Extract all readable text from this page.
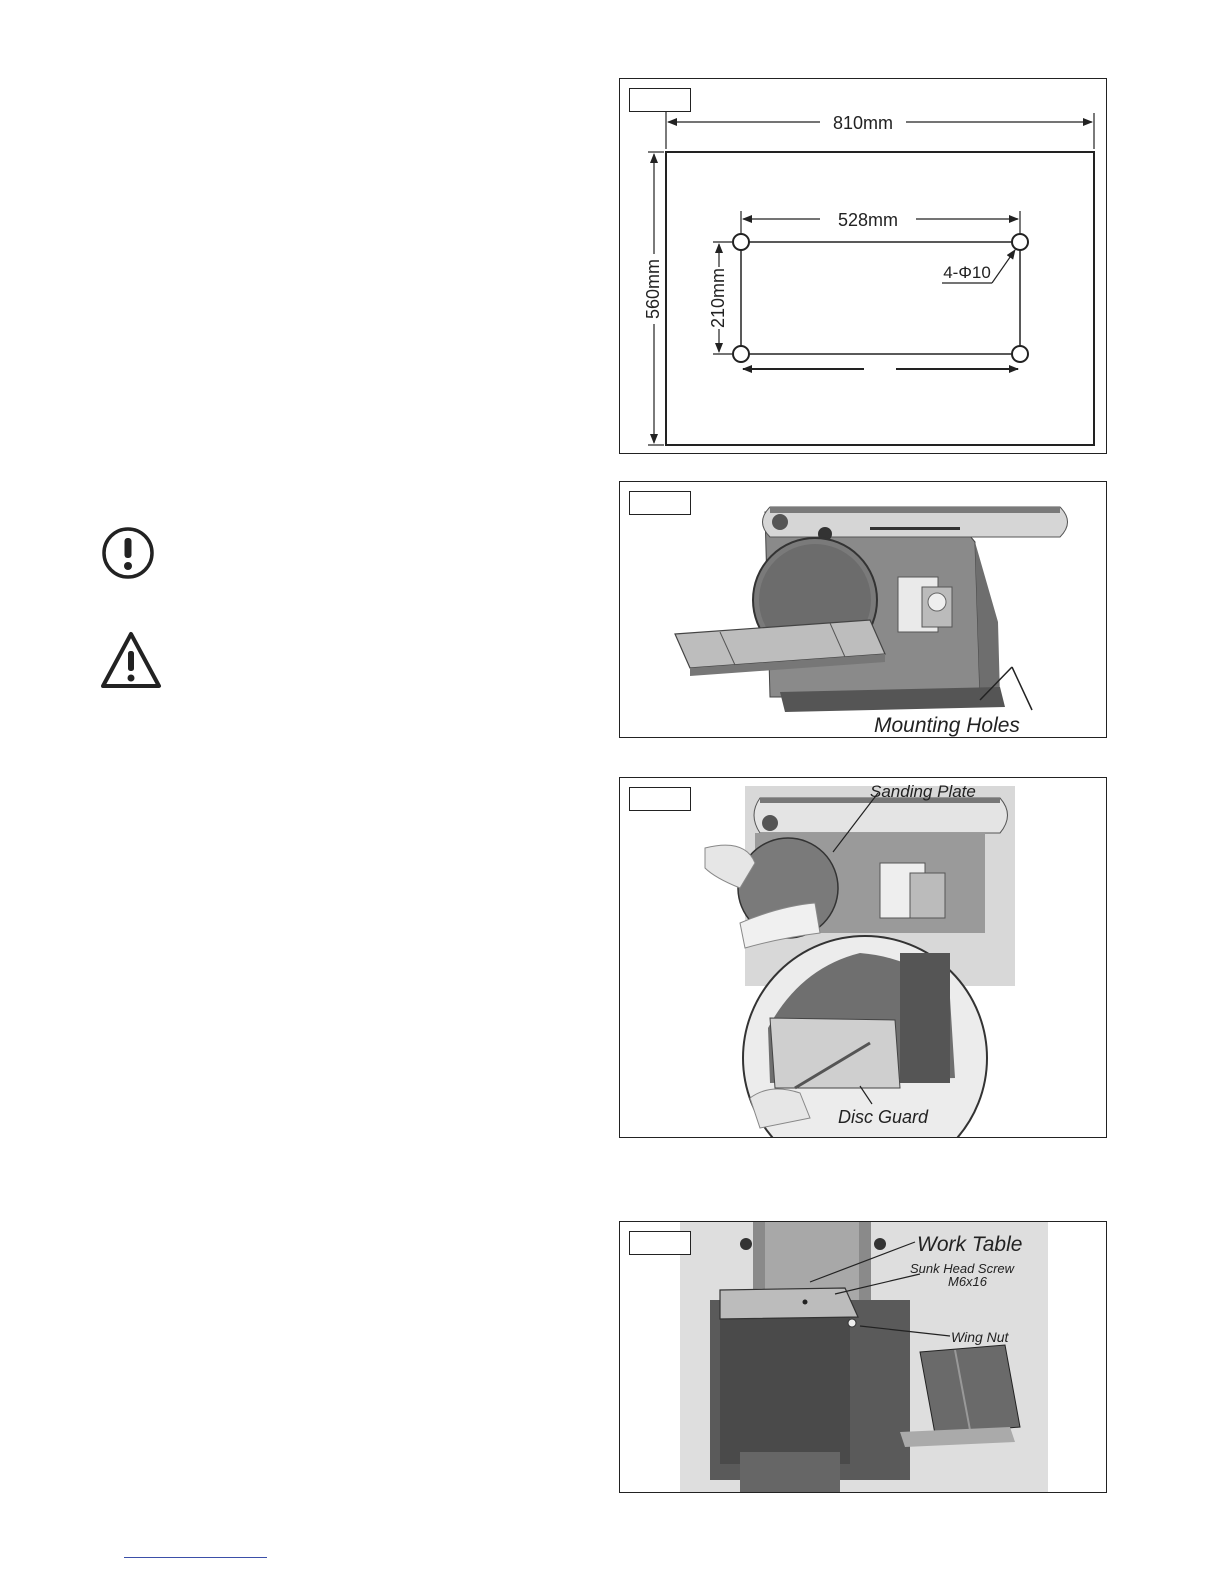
810mm
560mm
528mm
210mm	4-Φ10
Mounting Holes
Sanding Plate
Disc Guard
Work Table
Sunk Head Screw
M6x16
Wing Nut
